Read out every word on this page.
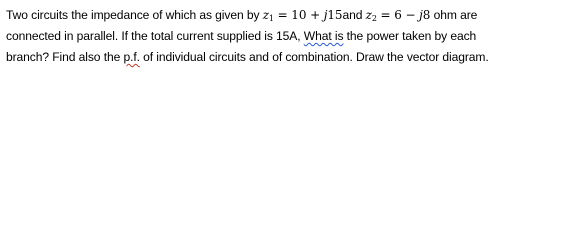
Two circuits the impedance of which as given by $z_1 = 10 + j15and$ $z_2 = 6 - j8$ ohm are
connected in parallel. If the total current supplied is 15A, What is the power taken by each
branch? Find also the p.f. of individual circuits and of combination. Draw the vector diagram.
